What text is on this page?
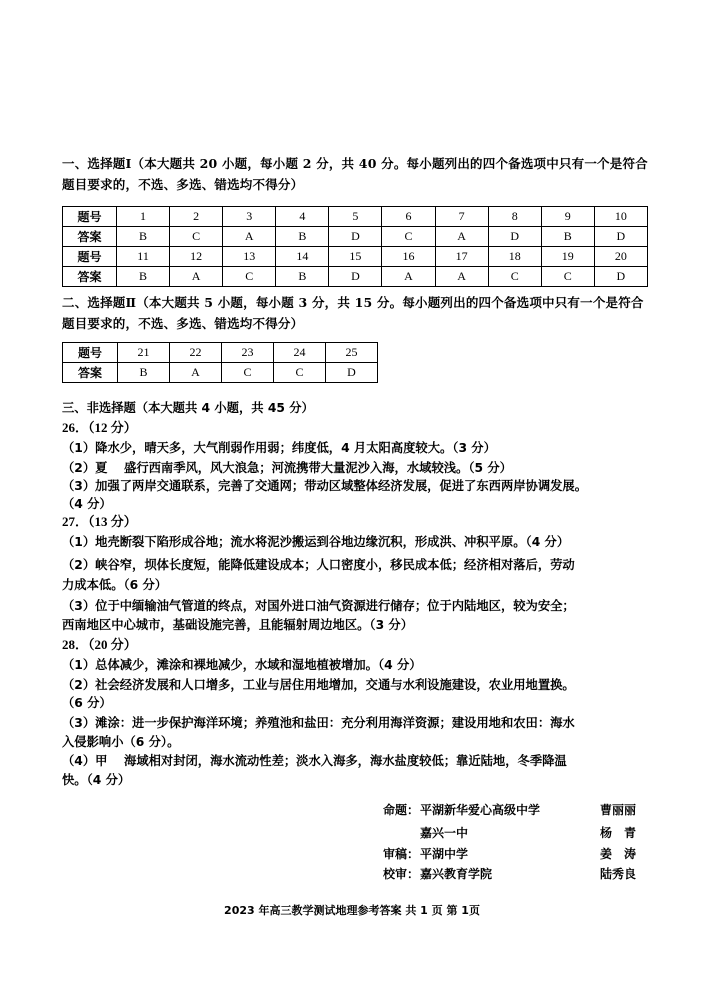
一、选择题Ⅰ（本大题共 20 小题，每小题 2 分，共 40 分。每小题列出的四个备选项中只有一个是符合题目要求的，不选、多选、错选均不得分）
题号	1	2	3	4	5	6	7	8	9	10
答案	B	C	A	B	D	C	A	D	B	D
题号	11	12	13	14	15	16	17	18	19	20
答案	B	A	C	B	D	A	A	C	C	D
二、选择题Ⅱ（本大题共 5 小题，每小题 3 分，共 15 分。每小题列出的四个备选项中只有一个是符合题目要求的，不选、多选、错选均不得分）
题号	21	22	23	24	25
答案	B	A	C	C	D
三、非选择题（本大题共 4 小题，共 45 分）
26．（12 分）
（1）降水少，晴天多，大气削弱作用弱；纬度低，4 月太阳高度较大。（3 分）
（2）夏　 盛行西南季风，风大浪急；河流携带大量泥沙入海，水域较浅。（5 分）
（3）加强了两岸交通联系，完善了交通网；带动区域整体经济发展，促进了东西两岸协调发展。
（4 分）
27．（13 分）
（1）地壳断裂下陷形成谷地；流水将泥沙搬运到谷地边缘沉积，形成洪、冲积平原。（4 分）
（2）峡谷窄，坝体长度短，能降低建设成本；人口密度小，移民成本低；经济相对落后，劳动
力成本低。（6 分）
（3）位于中缅输油气管道的终点，对国外进口油气资源进行储存；位于内陆地区，较为安全；
西南地区中心城市，基础设施完善，且能辐射周边地区。（3 分）
28．（20 分）
（1）总体减少，滩涂和裸地减少，水域和湿地植被增加。（4 分）
（2）社会经济发展和人口增多，工业与居住用地增加，交通与水利设施建设，农业用地置换。
（6 分）
（3）滩涂：进一步保护海洋环境；养殖池和盐田：充分利用海洋资源；建设用地和农田：海水
入侵影响小（6 分）。
（4）甲　 海域相对封闭，海水流动性差；淡水入海多，海水盐度较低；靠近陆地，冬季降温
快。（4 分）
命题： 平湖新华爱心高级中学	曹丽丽
嘉兴一中	杨　青
审稿： 平湖中学	姜　涛
校审： 嘉兴教育学院	陆秀良
2023 年高三教学测试地理参考答案 共 1 页 第 1页
